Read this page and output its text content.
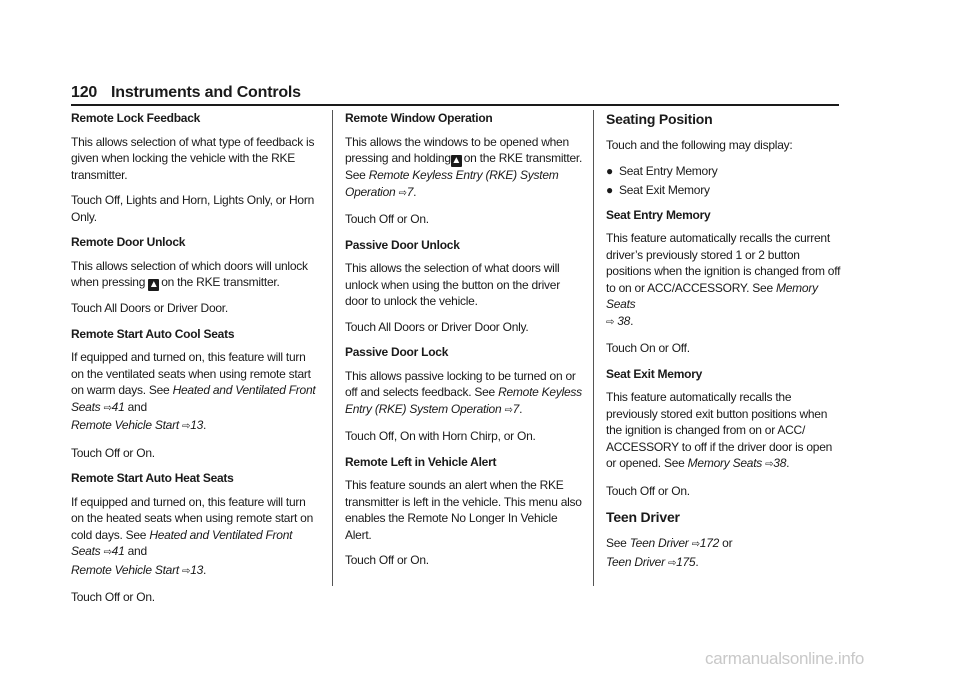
120 Instruments and Controls

Remote Lock Feedback

This allows selection of what type of feedback is given when locking the vehicle with the RKE transmitter.

Touch Off, Lights and Horn, Lights Only, or Horn Only.

Remote Door Unlock

This allows selection of which doors will unlock when pressing ▲ on the RKE transmitter.

Touch All Doors or Driver Door.

Remote Start Auto Cool Seats

If equipped and turned on, this feature will turn on the ventilated seats when using remote start on warm days. See Heated and Ventilated Front Seats ⇨41 and
Remote Vehicle Start ⇨13.

Touch Off or On.

Remote Start Auto Heat Seats

If equipped and turned on, this feature will turn on the heated seats when using remote start on cold days. See Heated and Ventilated Front Seats ⇨41 and
Remote Vehicle Start ⇨13.

Touch Off or On.

Remote Window Operation

This allows the windows to be opened when pressing and holding▲ on the RKE transmitter. See Remote Keyless Entry (RKE) System Operation ⇨7.

Touch Off or On.

Passive Door Unlock

This allows the selection of what doors will unlock when using the button on the driver door to unlock the vehicle.

Touch All Doors or Driver Door Only.

Passive Door Lock

This allows passive locking to be turned on or off and selects feedback. See Remote Keyless Entry (RKE) System Operation ⇨7.

Touch Off, On with Horn Chirp, or On.

Remote Left in Vehicle Alert

This feature sounds an alert when the RKE transmitter is left in the vehicle. This menu also enables the Remote No Longer In Vehicle Alert.

Touch Off or On.

Seating Position

Touch and the following may display:

● Seat Entry Memory
● Seat Exit Memory

Seat Entry Memory

This feature automatically recalls the current driver’s previously stored 1 or 2 button positions when the ignition is changed from off to on or ACC/ACCESSORY. See Memory Seats
⇨ 38.

Touch On or Off.

Seat Exit Memory

This feature automatically recalls the previously stored exit button positions when the ignition is changed from on or ACC/ ACCESSORY to off if the driver door is open or opened. See Memory Seats ⇨38.

Touch Off or On.

Teen Driver

See Teen Driver ⇨172 or
Teen Driver ⇨175.

carmanualsonline.info
